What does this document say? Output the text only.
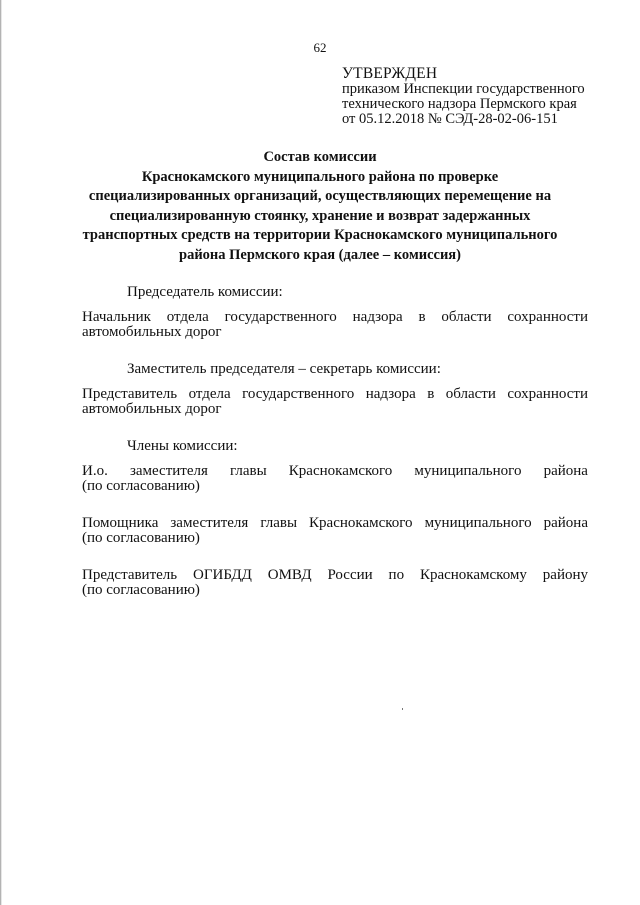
62
УТВЕРЖДЕН
приказом Инспекции государственного
технического надзора Пермского края
от 05.12.2018 № СЭД-28-02-06-151
Состав комиссии
Краснокамского муниципального района по проверке
специализированных организаций, осуществляющих перемещение на
специализированную стоянку, хранение и возврат задержанных
транспортных средств на территории Краснокамского муниципального
района Пермского края (далее – комиссия)
Председатель комиссии:
Начальник отдела государственного надзора в области сохранности
автомобильных дорог
Заместитель председателя – секретарь комиссии:
Представитель отдела государственного надзора в области сохранности
автомобильных дорог
Члены комиссии:
И.о. заместителя главы Краснокамского муниципального района
(по согласованию)
Помощника заместителя главы Краснокамского муниципального района
(по согласованию)
Представитель ОГИБДД ОМВД России по Краснокамскому району
(по согласованию)
